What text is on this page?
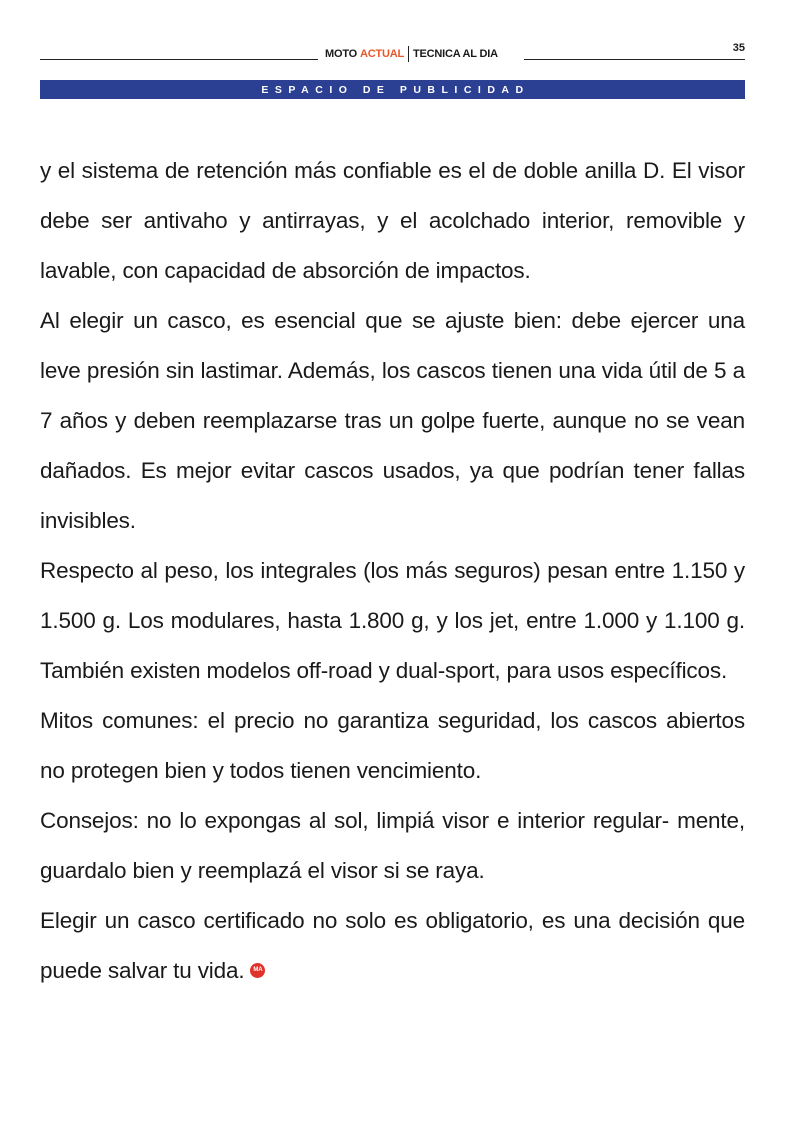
MOTO ACTUAL TECNICA AL DIA	35
ESPACIO DE PUBLICIDAD

y el sistema de retención más confiable es el de doble anilla D. El visor debe ser antivaho y antirrayas, y el acolchado interior, removible y lavable, con capacidad de absorción de impactos.

Al elegir un casco, es esencial que se ajuste bien: debe ejercer una leve presión sin lastimar. Además, los cascos tienen una vida útil de 5 a 7 años y deben reemplazarse tras un golpe fuerte, aunque no se vean dañados. Es mejor evitar cascos usados, ya que podrían tener fallas invisibles.

Respecto al peso, los integrales (los más seguros) pesan entre 1.150 y 1.500 g. Los modulares, hasta 1.800 g, y los jet, entre 1.000 y 1.100 g. También existen modelos off-road y dual-sport, para usos específicos.

Mitos comunes: el precio no garantiza seguridad, los cascos abiertos no protegen bien y todos tienen vencimiento.

Consejos: no lo expongas al sol, limpiá visor e interior regular- mente, guardalo bien y reemplazá el visor si se raya.

Elegir un casco certificado no solo es obligatorio, es una decisión que puede salvar tu vida. MA
